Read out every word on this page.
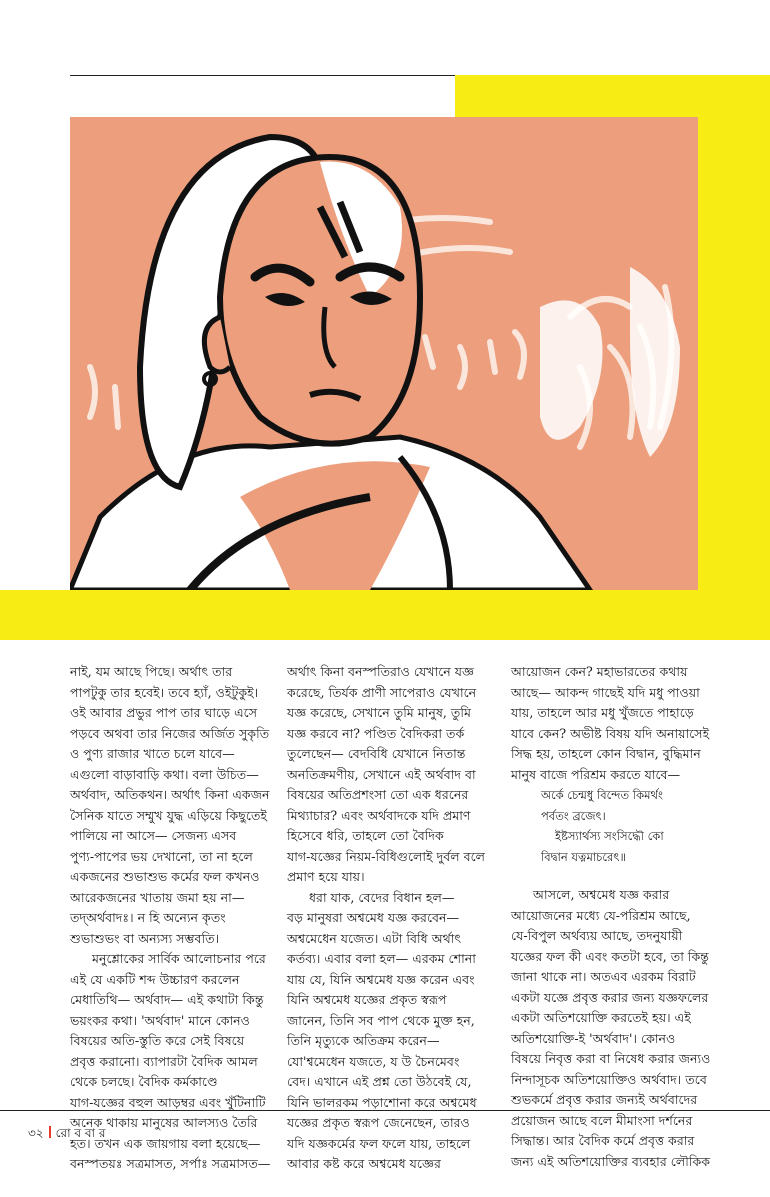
নাই, যম আছে পিছে। অর্থাৎ তার

পাপটুকু তার হবেই। তবে হ্যাঁ, ওইটুকুই।

ওই আবার প্রভুর পাপ তার ঘাড়ে এসে

পড়বে অথবা তার নিজের অর্জিত সুকৃতি

ও পুণ্য রাজার খাতে চলে যাবে—

এগুলো বাড়াবাড়ি কথা। বলা উচিত—

অর্থবাদ, অতিকথন। অর্থাৎ কিনা একজন

সৈনিক যাতে সম্মুখ যুদ্ধ এড়িয়ে কিছুতেই

পালিয়ে না আসে— সেজন্য এসব

পুণ্য-পাপের ভয় দেখানো, তা না হলে

একজনের শুভাশুভ কর্মের ফল কখনও

আরেকজনের খাতায় জমা হয় না—

তদ্‌অর্থবাদঃ। ন হি অন্যেন কৃতং

শুভাশুভং বা অন্যস্য সম্ভবতি।

মনুশ্লোকের সার্বিক আলোচনার পরে

এই যে একটি শব্দ উচ্চারণ করলেন

মেধাতিথি— অর্থবাদ— এই কথাটা কিন্তু

ভয়ংকর কথা। 'অর্থবাদ' মানে কোনও

বিষয়ের অতি-স্তুতি করে সেই বিষয়ে

প্রবৃত্ত করানো। ব্যাপারটা বৈদিক আমল

থেকে চলছে। বৈদিক কর্মকাণ্ডে

যাগ-যজ্ঞের বহুল আড়ম্বর এবং খুঁটিনাটি

অনেক থাকায় মানুষের আলস্যও তৈরি

হত। তখন এক জায়গায় বলা হয়েছে—

বনস্পতয়ঃ সত্রমাসত, সর্পাঃ সত্রমাসত—

অর্থাৎ কিনা বনস্পতিরাও যেখানে যজ্ঞ

করেছে, তির্যক প্রাণী সাপেরাও যেখানে

যজ্ঞ করেছে, সেখানে তুমি মানুষ, তুমি

যজ্ঞ করবে না? পণ্ডিত বৈদিকরা তর্ক

তুলেছেন— বেদবিধি যেখানে নিতান্ত

অনতিক্রমণীয়, সেখানে এই অর্থবাদ বা

বিষয়ের অতিপ্রশংসা তো এক ধরনের

মিথ্যাচার? এবং অর্থবাদকে যদি প্রমাণ

হিসেবে ধরি, তাহলে তো বৈদিক

যাগ-যজ্ঞের নিয়ম-বিধিগুলোই দুর্বল বলে

প্রমাণ হয়ে যায়।

ধরা যাক, বেদের বিধান হল—

বড় মানুষরা অশ্বমেধ যজ্ঞ করবেন—

অশ্বমেধেন যজেত। এটা বিধি অর্থাৎ

কর্তব্য। এবার বলা হল— এরকম শোনা

যায় যে, যিনি অশ্বমেধ যজ্ঞ করেন এবং

যিনি অশ্বমেধ যজ্ঞের প্রকৃত স্বরূপ

জানেন, তিনি সব পাপ থেকে মুক্ত হন,

তিনি মৃত্যুকে অতিক্রম করেন—

যো'শ্বমেধেন যজতে, য উ চৈনমেবং

বেদ। এখানে এই প্রশ্ন তো উঠবেই যে,

যিনি ভালরকম পড়াশোনা করে অশ্বমেধ

যজ্ঞের প্রকৃত স্বরূপ জেনেছেন, তারও

যদি যজ্ঞকর্মের ফল ফলে যায়, তাহলে

আবার কষ্ট করে অশ্বমেধ যজ্ঞের

আয়োজন কেন? মহাভারতের কথায়

আছে— আকন্দ গাছেই যদি মধু পাওয়া

যায়, তাহলে আর মধু খুঁজতে পাহাড়ে

যাবে কেন? অভীষ্ট বিষয় যদি অনায়াসেই

সিদ্ধ হয়, তাহলে কোন বিদ্বান, বুদ্ধিমান

মানুষ বাজে পরিশ্রম করতে যাবে—

অর্কে চেন্মধু বিন্দেত কিমর্থং

পর্বতং ব্রজেৎ।

ইষ্টস্যার্থস্য সংসিদ্ধৌ কো

বিদ্বান যত্নমাচরেৎ॥

আসলে, অশ্বমেধ যজ্ঞ করার

আয়োজনের মধ্যে যে-পরিশ্রম আছে,

যে-বিপুল অর্থব্যয় আছে, তদনুযায়ী

যজ্ঞের ফল কী এবং কতটা হবে, তা কিন্তু

জানা থাকে না। অতএব এরকম বিরাট

একটা যজ্ঞে প্রবৃত্ত করার জন্য যজ্ঞফলের

একটা অতিশয়োক্তি করতেই হয়। এই

অতিশয়োক্তি-ই 'অর্থবাদ'। কোনও

বিষয়ে নিবৃত্ত করা বা নিষেধ করার জন্যও

নিন্দাসূচক অতিশয়োক্তিও অর্থবাদ। তবে

শুভকর্মে প্রবৃত্ত করার জন্যই অর্থবাদের

প্রয়োজন আছে বলে মীমাংসা দর্শনের

সিদ্ধান্ত। আর বৈদিক কর্মে প্রবৃত্ত করার

জন্য এই অতিশয়োক্তির ব্যবহার লৌকিক

৩২ রো ব বা র
